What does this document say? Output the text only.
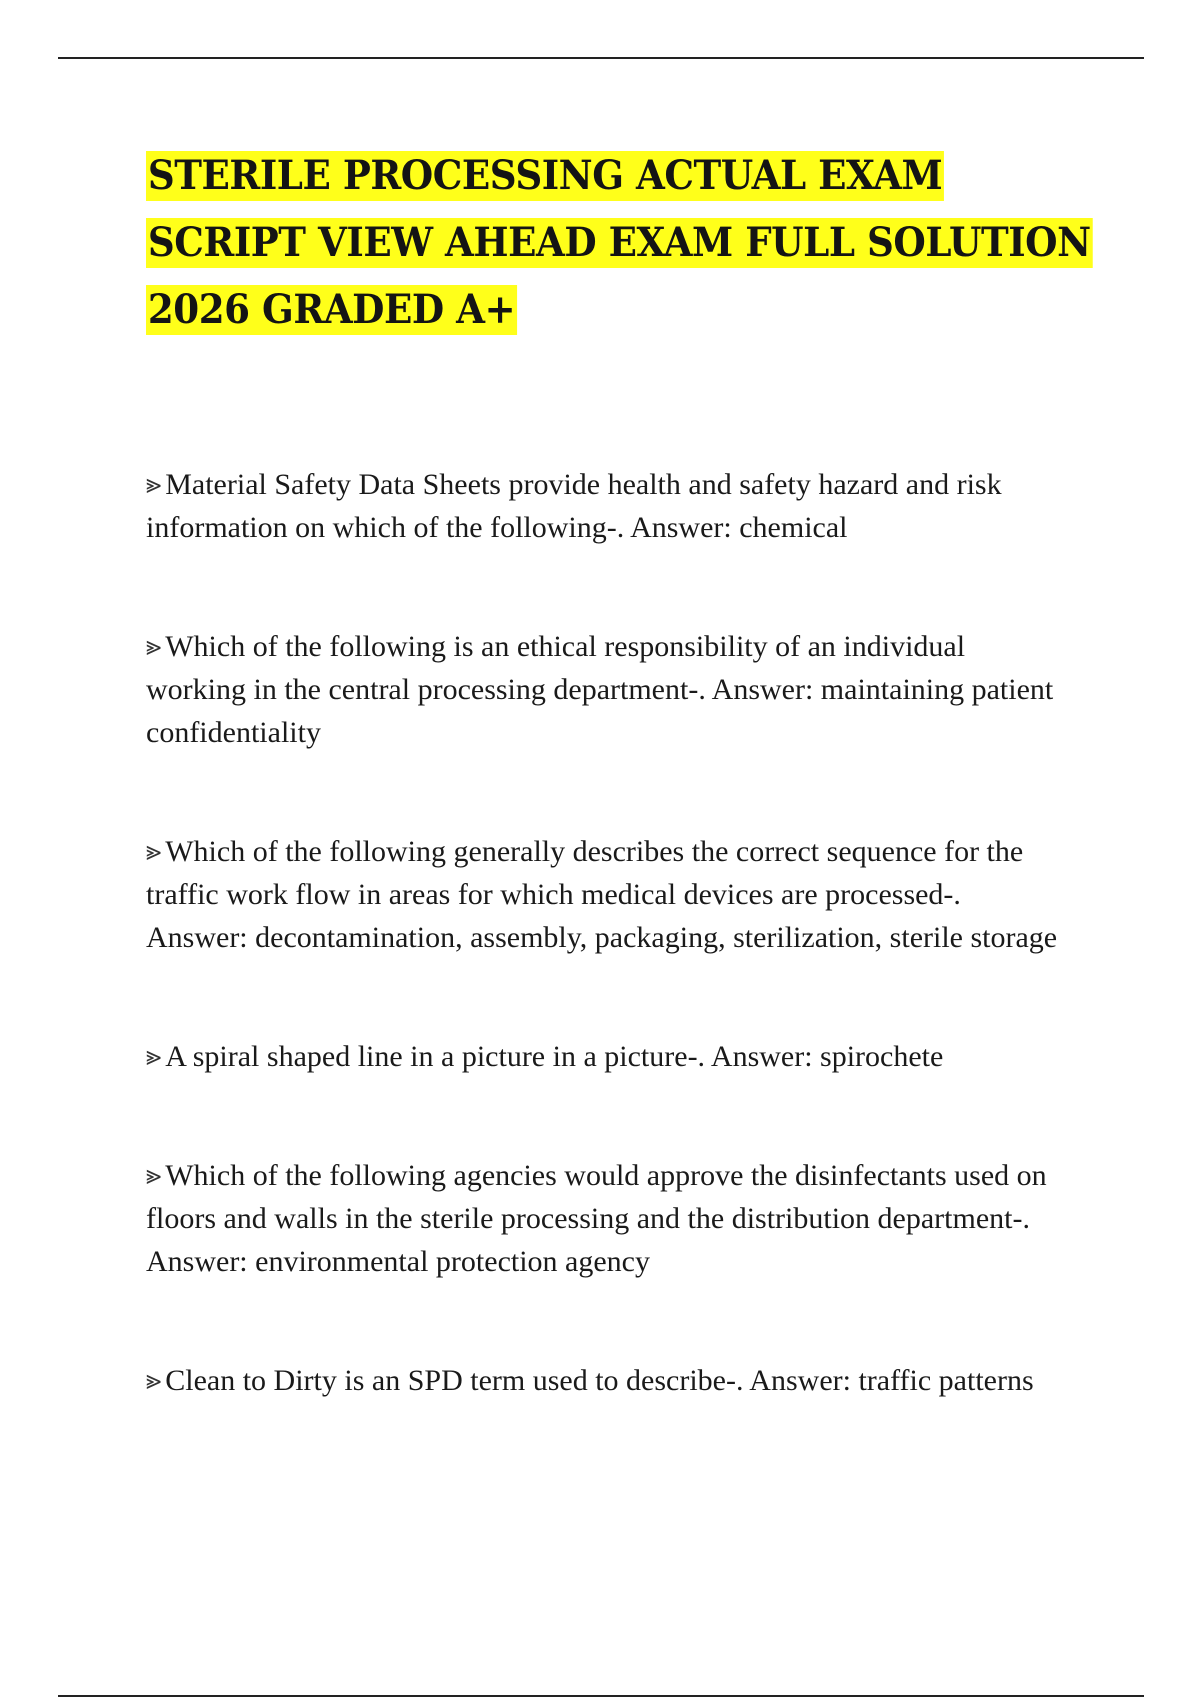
STERILE PROCESSING ACTUAL EXAM
SCRIPT VIEW AHEAD EXAM FULL SOLUTION
2026 GRADED A+
⪢ Material Safety Data Sheets provide health and safety hazard and risk information on which of the following-. Answer: chemical
⪢ Which of the following is an ethical responsibility of an individual working in the central processing department-. Answer: maintaining patient confidentiality
⪢ Which of the following generally describes the correct sequence for the traffic work flow in areas for which medical devices are processed-. Answer: decontamination, assembly, packaging, sterilization, sterile storage
⪢ A spiral shaped line in a picture in a picture-. Answer: spirochete
⪢ Which of the following agencies would approve the disinfectants used on floors and walls in the sterile processing and the distribution department-. Answer: environmental protection agency
⪢ Clean to Dirty is an SPD term used to describe-. Answer: traffic patterns
